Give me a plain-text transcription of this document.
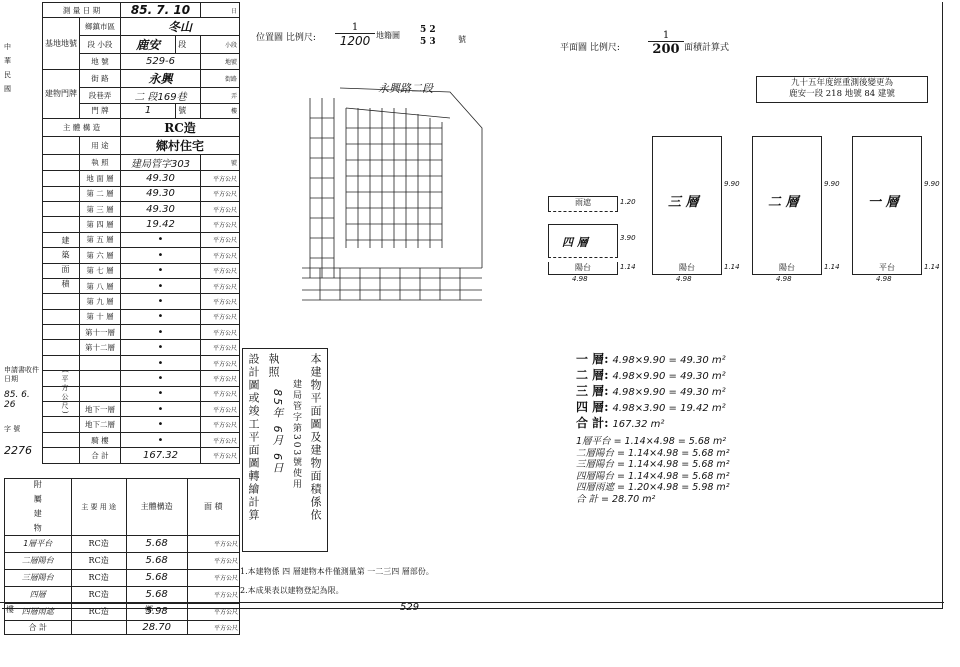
中
華
民
國
測 量 日 期		85. 7. 10		日
基地地號	鄉鎮市區	冬山		
	段 小段	鹿安	段	小段
	地 號	529-6		地號
建物門牌	街 路	永興		街路
	段巷弄	二 段169巷		弄
	門 牌	1	號	樓
主 體 構 造		RC造		
	用 途	鄉村住宅		
	執 照	建局管字303		號
	地 面 層	49.30		平方公尺
	第 二 層	49.30		平方公尺
	第 三 層	49.30		平方公尺
	第 四 層	19.42		平方公尺
	第 五 層	•		平方公尺
	第 六 層	•		平方公尺
	第 七 層	•		平方公尺
	第 八 層	•		平方公尺
	第 九 層	•		平方公尺
	第 十 層	•		平方公尺
	第十一層	•		平方公尺
	第十二層	•		平方公尺
		•		平方公尺
		•		平方公尺
		•		平方公尺
	地下一層	•		平方公尺
	地下二層	•		平方公尺
	騎 樓	•		平方公尺
	合 計	167.32		平方公尺
建 築 面 積
(平方公尺)
申請書收件日期
85. 6. 26
字 號
2276
附 屬 建 物	主 要 用 途	主體構造	面 積
1層平台	RC造	5.68	平方公尺
二層陽台	RC造	5.68	平方公尺
三層陽台	RC造	5.68	平方公尺
四層	RC造	5.68	平方公尺
四層雨遮	RC造	5.98	平方公尺
合 計		28.70	平方公尺
位置圖 比例尺:
1
1200 地籍圖
5 2
5 3	號
永興路二段
設計圖或竣工平面圖轉繪計算 執照	本建物平面圖及建物面積係依
85年 6月 6日 建局管字第303號使用
1.本建物係 四 層建物本件僅測量第 一二三四 層部份。
2.本成果表以建物登記為限。
平面圖 比例尺:
1
200 面積計算式
九十五年度經重測後變更為
鹿安一段 218 地號 84 建號
雨遮	1.20
四 層	3.90
陽台	1.14
4.98
三 層
9.90
陽台	1.14
4.98
二 層
9.90
陽台	1.14
4.98
一 層
9.90
平台	1.14
4.98
一 層: 4.98×9.90 = 49.30 m²
二 層: 4.98×9.90 = 49.30 m²
三 層: 4.98×9.90 = 49.30 m²
四 層: 4.98×3.90 = 19.42 m²
合 計: 167.32 m²
1層平台 = 1.14×4.98 = 5.68 m²
二層陽台 = 1.14×4.98 = 5.68 m²
三層陽台 = 1.14×4.98 = 5.68 m²
四層陽台 = 1.14×4.98 = 5.68 m²
四層雨遮 = 1.20×4.98 = 5.98 m²
合 計 = 28.70 m²
樓	鄉	529
